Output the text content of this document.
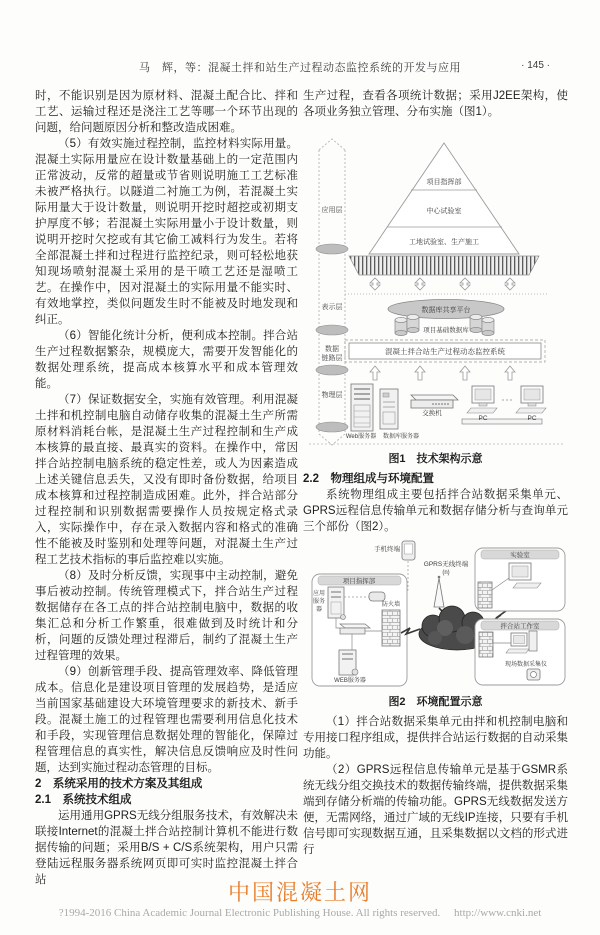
马　辉，等：混凝土拌和站生产过程动态监控系统的开发与应用	· 145 ·

时，不能识别是因为原材料、混凝土配合比、拌和工艺、运输过程还是浇注工艺等哪一个环节出现的问题，给问题原因分析和整改造成困难。

（5）有效实施过程控制，监控材料实际用量。混凝土实际用量应在设计数量基础上的一定范围内正常波动，反常的超量或节省则说明施工工艺标准未被严格执行。以隧道二衬施工为例，若混凝土实际用量大于设计数量，则说明开挖时超挖或初期支护厚度不够；若混凝土实际用量小于设计数量，则说明开挖时欠挖或有其它偷工减料行为发生。若将全部混凝土拌和过程进行监控纪录，则可轻松地获知现场喷射混凝土采用的是干喷工艺还是湿喷工艺。在操作中，因对混凝土的实际用量不能实时、有效地掌控，类似问题发生时不能被及时地发现和纠正。

（6）智能化统计分析，便利成本控制。拌合站生产过程数据繁杂，规模庞大，需要开发智能化的数据处理系统，提高成本核算水平和成本管理效能。

（7）保证数据安全，实施有效管理。利用混凝土拌和机控制电脑自动储存收集的混凝土生产所需原材料消耗台帐，是混凝土生产过程控制和生产成本核算的最直接、最真实的资料。在操作中，常因拌合站控制电脑系统的稳定性差，或人为因素造成上述关键信息丢失，又没有即时备份数据，给项目成本核算和过程控制造成困难。此外，拌合站部分过程控制和识别数据需要操作人员按规定格式录入，实际操作中，存在录入数据内容和格式的准确性不能被及时鉴别和处理等问题，对混凝土生产过程工艺技术指标的事后监控难以实施。

（8）及时分析反馈，实现事中主动控制，避免事后被动控制。传统管理模式下，拌合站生产过程数据储存在各工点的拌合站控制电脑中，数据的收集汇总和分析工作繁重，很难做到及时统计和分析，问题的反馈处理过程滞后，制约了混凝土生产过程管理的效果。

（9）创新管理手段、提高管理效率、降低管理成本。信息化是建设项目管理的发展趋势，是适应当前国家基础建设大环境管理要求的新技术、新手段。混凝土施工的过程管理也需要利用信息化技术和手段，实现管理信息数据处理的智能化，保障过程管理信息的真实性，解决信息反馈响应及时性问题，达到实施过程动态管理的目标。

2　系统采用的技术方案及其组成
2.1　系统技术组成

运用通用GPRS无线分组服务技术，有效解决未联接Internet的混凝土拌合站控制计算机不能进行数据传输的问题；采用B/S + C/S系统架构，用户只需登陆远程服务器系统网页即可实时监控混凝土拌合站

生产过程，查看各项统计数据；采用J2EE架构，使各项业务独立管理、分布实施（图1）。

应用层
表示层
数据
链路层
物理层
项目指挥部
中心试验室
工地试验室、生产施工
数据库共享平台
项目基础数据库
混凝土拌合站生产过程动态监控系统
Web服务器 数据库服务器
交换机
PC	PC
图1　技术架构示意
2.2　物理组成与环境配置

系统物理组成主要包括拌合站数据采集单元、GPRS远程信息传输单元和数据存储分析与查询单元三个部份（图2）。

手机终端
GPRS无线终端
(n)
项目指挥部
应用
服务
器
防火墙
WEB服务器
实验室
拌合站工作室
现场数据采集仪
图2　环境配置示意

（1）拌合站数据采集单元由拌和机控制电脑和专用接口程序组成，提供拌合站运行数据的自动采集功能。

（2）GPRS远程信息传输单元是基于GSMR系统无线分组交换技术的数据传输终端，提供数据采集端到存储分析端的传输功能。GPRS无线数据发送方便，无需网络，通过广域的无线IP连接，只要有手机信号即可实现数据互通，且采集数据以文档的形式进行

中国混凝土网
?1994-2016 China Academic Journal Electronic Publishing House. All rights reserved.　 http://www.cnki.net
